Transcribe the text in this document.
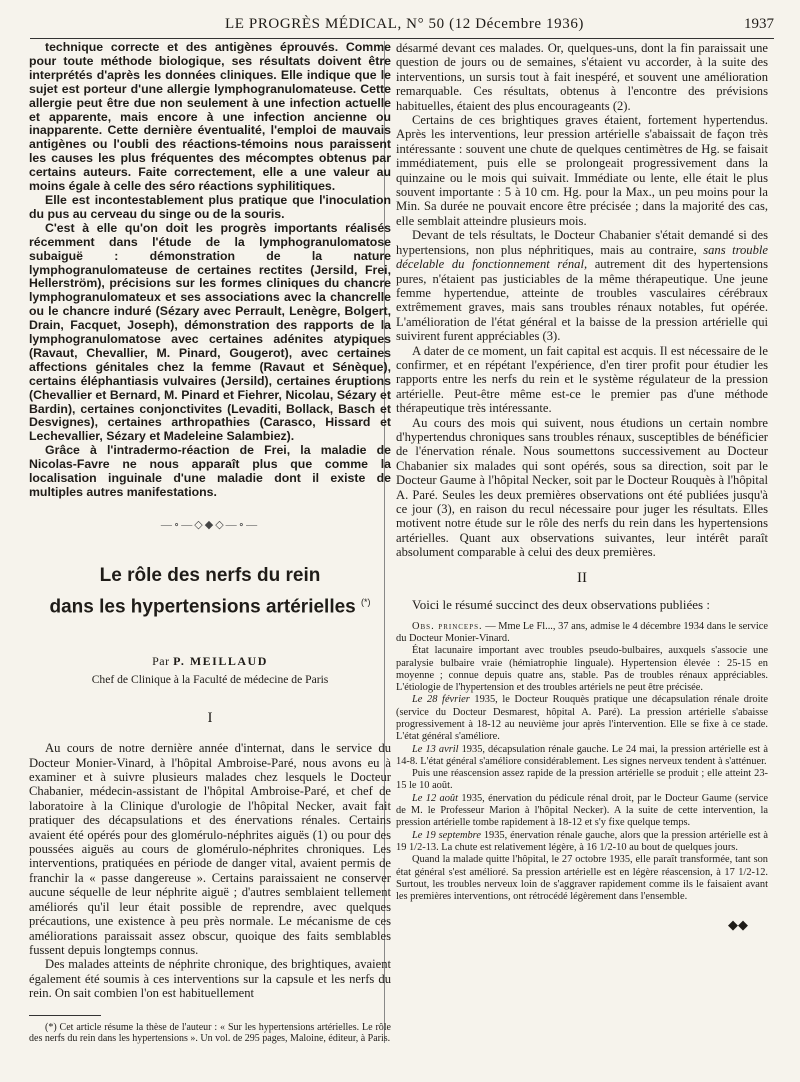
LE PROGRÈS MÉDICAL, N° 50 (12 Décembre 1936)	1937

technique correcte et des antigènes éprouvés. Comme pour toute méthode biologique, ses résultats doivent être interprétés d'après les données cliniques. Elle indique que le sujet est porteur d'une allergie lymphogranulomateuse. Cette allergie peut être due non seulement à une infection actuelle et apparente, mais encore à une infection ancienne ou inapparente. Cette dernière éventualité, l'emploi de mauvais antigènes ou l'oubli des réactions-témoins nous paraissent les causes les plus fréquentes des mécomptes obtenus par certains auteurs. Faite correctement, elle a une valeur au moins égale à celle des séro réactions syphilitiques.

Elle est incontestablement plus pratique que l'inoculation du pus au cerveau du singe ou de la souris.

C'est à elle qu'on doit les progrès importants réalisés récemment dans l'étude de la lymphogranulomatose subaiguë : démonstration de la nature lymphogranulomateuse de certaines rectites (Jersild, Frei, Hellerström), précisions sur les formes cliniques du chancre lymphogranulomateux et ses associations avec la chancrelle ou le chancre induré (Sézary avec Perrault, Lenègre, Bolgert, Drain, Facquet, Joseph), démonstration des rapports de la lymphogranulomatose avec certaines adénites atypiques (Ravaut, Chevallier, M. Pinard, Gougerot), avec certaines affections génitales chez la femme (Ravaut et Sénèque), certains éléphantiasis vulvaires (Jersild), certaines éruptions (Chevallier et Bernard, M. Pinard et Fiehrer, Nicolau, Sézary et Bardin), certaines conjonctivites (Levaditi, Bollack, Basch et Desvignes), certaines arthropathies (Carasco, Hissard et Lechevallier, Sézary et Madeleine Salambiez).

Grâce à l'intradermo-réaction de Frei, la maladie de Nicolas-Favre ne nous apparaît plus que comme la localisation inguinale d'une maladie dont il existe de multiples autres manifestations.

—∘—◇◆◇—∘—
Le rôle des nerfs du rein
dans les hypertensions artérielles (*)
Par P. MEILLAUD
Chef de Clinique à la Faculté de médecine de Paris
I

Au cours de notre dernière année d'internat, dans le service du Docteur Monier-Vinard, à l'hôpital Ambroise-Paré, nous avons eu à examiner et à suivre plusieurs malades chez lesquels le Docteur Chabanier, médecin-assistant de l'hôpital Ambroise-Paré, et chef de laboratoire à la Clinique d'urologie de l'hôpital Necker, avait fait pratiquer des décapsulations et des énervations rénales. Certains avaient été opérés pour des glomérulo-néphrites aiguës (1) ou pour des poussées aiguës au cours de glomérulo-néphrites chroniques. Les interventions, pratiquées en période de danger vital, avaient permis de franchir la « passe dangereuse ». Certains paraissaient ne conserver aucune séquelle de leur néphrite aiguë ; d'autres semblaient tellement améliorés qu'il leur était possible de reprendre, avec quelques précautions, une existence à peu près normale. Le mécanisme de ces améliorations paraissait assez obscur, quoique des faits semblables fussent depuis longtemps connus.

Des malades atteints de néphrite chronique, des brightiques, avaient également été soumis à ces interventions sur la capsule et les nerfs du rein. On sait combien l'on est habituellement

(*) Cet article résume la thèse de l'auteur : « Sur les hypertensions artérielles. Le rôle des nerfs du rein dans les hypertensions ». Un vol. de 295 pages, Maloine, éditeur, à Paris.

désarmé devant ces malades. Or, quelques-uns, dont la fin paraissait une question de jours ou de semaines, s'étaient vu accorder, à la suite des interventions, un sursis tout à fait inespéré, et souvent une amélioration remarquable. Ces résultats, obtenus à l'encontre des prévisions habituelles, étaient des plus encourageants (2).

Certains de ces brightiques graves étaient, fortement hypertendus. Après les interventions, leur pression artérielle s'abaissait de façon très intéressante : souvent une chute de quelques centimètres de Hg. se faisait immédiatement, puis elle se prolongeait progressivement dans la quinzaine ou le mois qui suivait. Immédiate ou lente, elle était le plus souvent importante : 5 à 10 cm. Hg. pour la Max., un peu moins pour la Min. Sa durée ne pouvait encore être précisée ; dans la majorité des cas, elle semblait atteindre plusieurs mois.

Devant de tels résultats, le Docteur Chabanier s'était demandé si des hypertensions, non plus néphritiques, mais au contraire, sans trouble décelable du fonctionnement rénal, autrement dit des hypertensions pures, n'étaient pas justiciables de la même thérapeutique. Une jeune femme hypertendue, atteinte de troubles vasculaires cérébraux extrêmement graves, mais sans troubles rénaux notables, fut opérée. L'amélioration de l'état général et la baisse de la pression artérielle qui suivirent furent appréciables (3).

A dater de ce moment, un fait capital est acquis. Il est nécessaire de le confirmer, et en répétant l'expérience, d'en tirer profit pour étudier les rapports entre les nerfs du rein et le système régulateur de la pression artérielle. Peut-être même est-ce le premier pas d'une méthode thérapeutique très intéressante.

Au cours des mois qui suivent, nous étudions un certain nombre d'hypertendus chroniques sans troubles rénaux, susceptibles de bénéficier de l'énervation rénale. Nous soumettons successivement au Docteur Chabanier six malades qui sont opérés, sous sa direction, soit par le Docteur Gaume à l'hôpital Necker, soit par le Docteur Rouquès à l'hôpital A. Paré. Seules les deux premières observations ont été publiées jusqu'à ce jour (3), en raison du recul nécessaire pour juger les résultats. Elles motivent notre étude sur le rôle des nerfs du rein dans les hypertensions artérielles. Quant aux observations suivantes, leur intérêt paraît absolument comparable à celui des deux premières.

II

Voici le résumé succinct des deux observations publiées :

Obs. princeps. — Mme Le Fl..., 37 ans, admise le 4 décembre 1934 dans le service du Docteur Monier-Vinard.

État lacunaire important avec troubles pseudo-bulbaires, auxquels s'associe une paralysie bulbaire vraie (hémiatrophie linguale). Hypertension élevée : 25-15 en moyenne ; connue depuis quatre ans, stable. Pas de troubles rénaux appréciables. L'étiologie de l'hypertension et des troubles artériels ne peut être précisée.

Le 28 février 1935, le Docteur Rouquès pratique une décapsulation rénale droite (service du Docteur Desmarest, hôpital A. Paré). La pression artérielle s'abaisse progressivement à 18-12 au neuvième jour après l'intervention. Elle se fixe à ce stade. L'état général s'améliore.

Le 13 avril 1935, décapsulation rénale gauche. Le 24 mai, la pression artérielle est à 14-8. L'état général s'améliore considérablement. Les signes nerveux tendent à s'atténuer.

Puis une réascension assez rapide de la pression artérielle se produit ; elle atteint 23-15 le 10 août.

Le 12 août 1935, énervation du pédicule rénal droit, par le Docteur Gaume (service de M. le Professeur Marion à l'hôpital Necker). A la suite de cette intervention, la pression artérielle tombe rapidement à 18-12 et s'y fixe quelque temps.

Le 19 septembre 1935, énervation rénale gauche, alors que la pression artérielle est à 19 1/2-13. La chute est relativement légère, à 16 1/2-10 au bout de quelques jours.

Quand la malade quitte l'hôpital, le 27 octobre 1935, elle paraît transformée, tant son état général s'est amélioré. Sa pression artérielle est en légère réascension, à 17 1/2-12. Surtout, les troubles nerveux loin de s'aggraver rapidement comme ils le faisaient avant les premières interventions, ont rétrocédé légèrement dans l'ensemble.

◆◆
